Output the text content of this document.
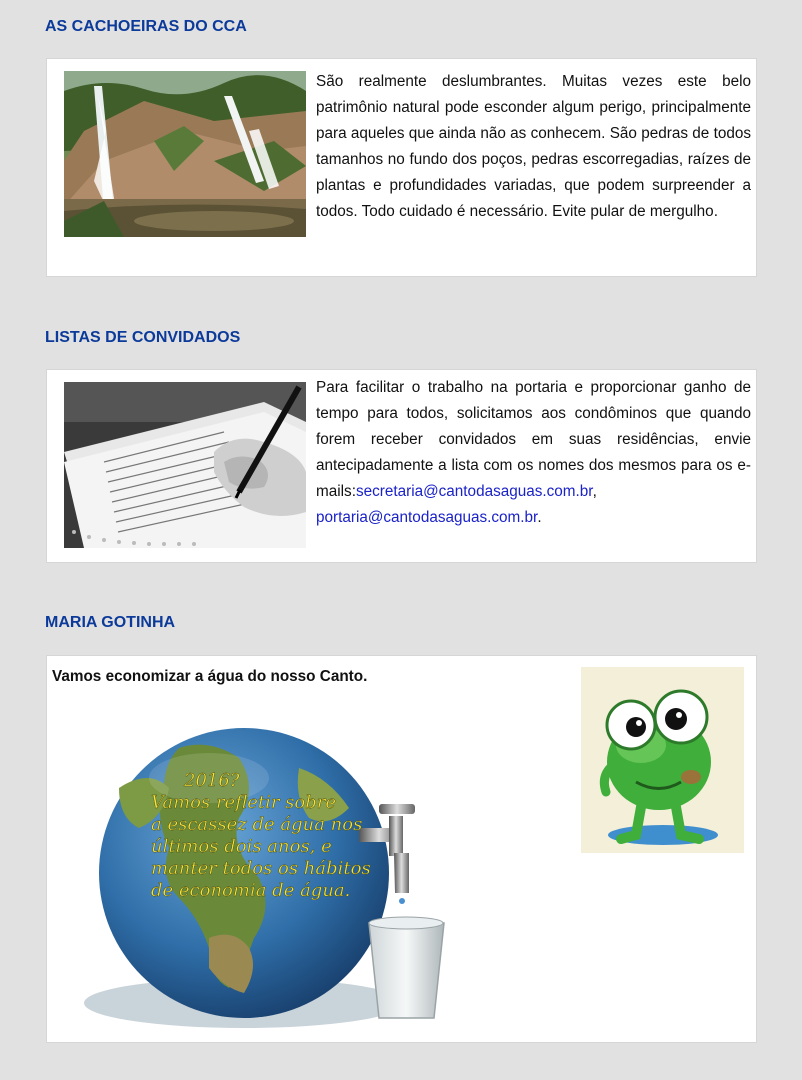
AS CACHOEIRAS DO CCA

São realmente deslumbrantes. Muitas vezes este belo patrimônio natural pode esconder algum perigo, principalmente para aqueles que ainda não as conhecem. São pedras de todos tamanhos no fundo dos poços, pedras escorregadias, raízes de plantas e profundidades variadas, que podem surpreender a todos. Todo cuidado é necessário. Evite pular de mergulho.

LISTAS DE CONVIDADOS

Para facilitar o trabalho na portaria e proporcionar ganho de tempo para todos, solicitamos aos condôminos que quando forem receber convidados em suas residências, envie antecipadamente a lista com os nomes dos mesmos para os e-mails:secretaria@cantodasaguas.com.br, portaria@cantodasaguas.com.br.

MARIA GOTINHA

Vamos economizar a água do nosso Canto.

2016?
Vamos refletir sobre
a escassez de água nos
últimos dois anos, e
manter todos os hábitos
de economia de água.
